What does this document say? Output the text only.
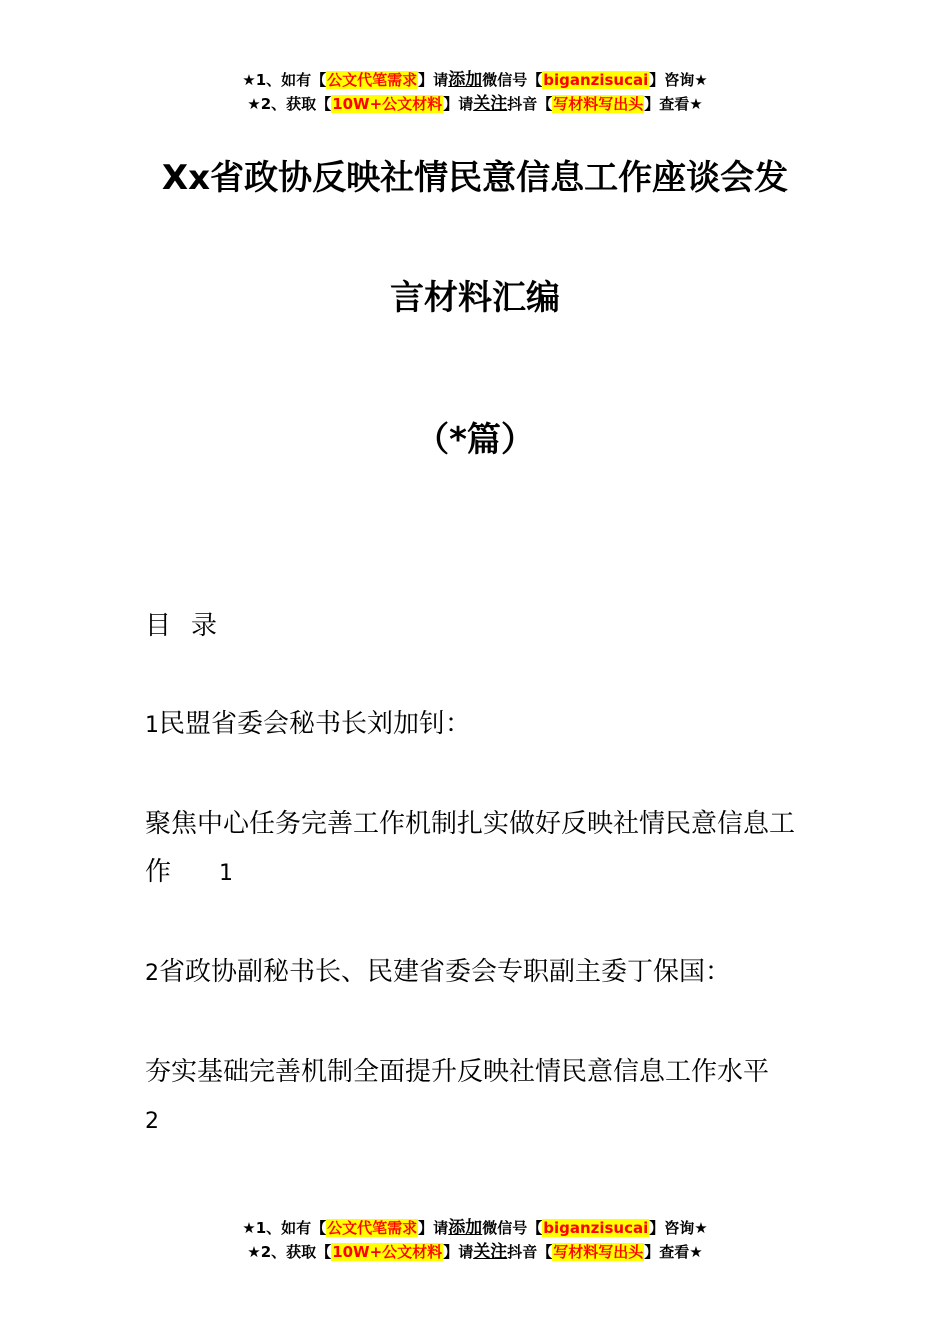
★1、如有【公文代笔需求】请添加微信号【biganzisucai】咨询★
★2、获取【10W+公文材料】请关注抖音【写材料写出头】查看★
Xx省政协反映社情民意信息工作座谈会发
言材料汇编
（*篇）
目 录
1民盟省委会秘书长刘加钊：
聚焦中心任务完善工作机制扎实做好反映社情民意信息工
作 1
2省政协副秘书长、民建省委会专职副主委丁保国：
夯实基础完善机制全面提升反映社情民意信息工作水平
2
★1、如有【公文代笔需求】请添加微信号【biganzisucai】咨询★
★2、获取【10W+公文材料】请关注抖音【写材料写出头】查看★
